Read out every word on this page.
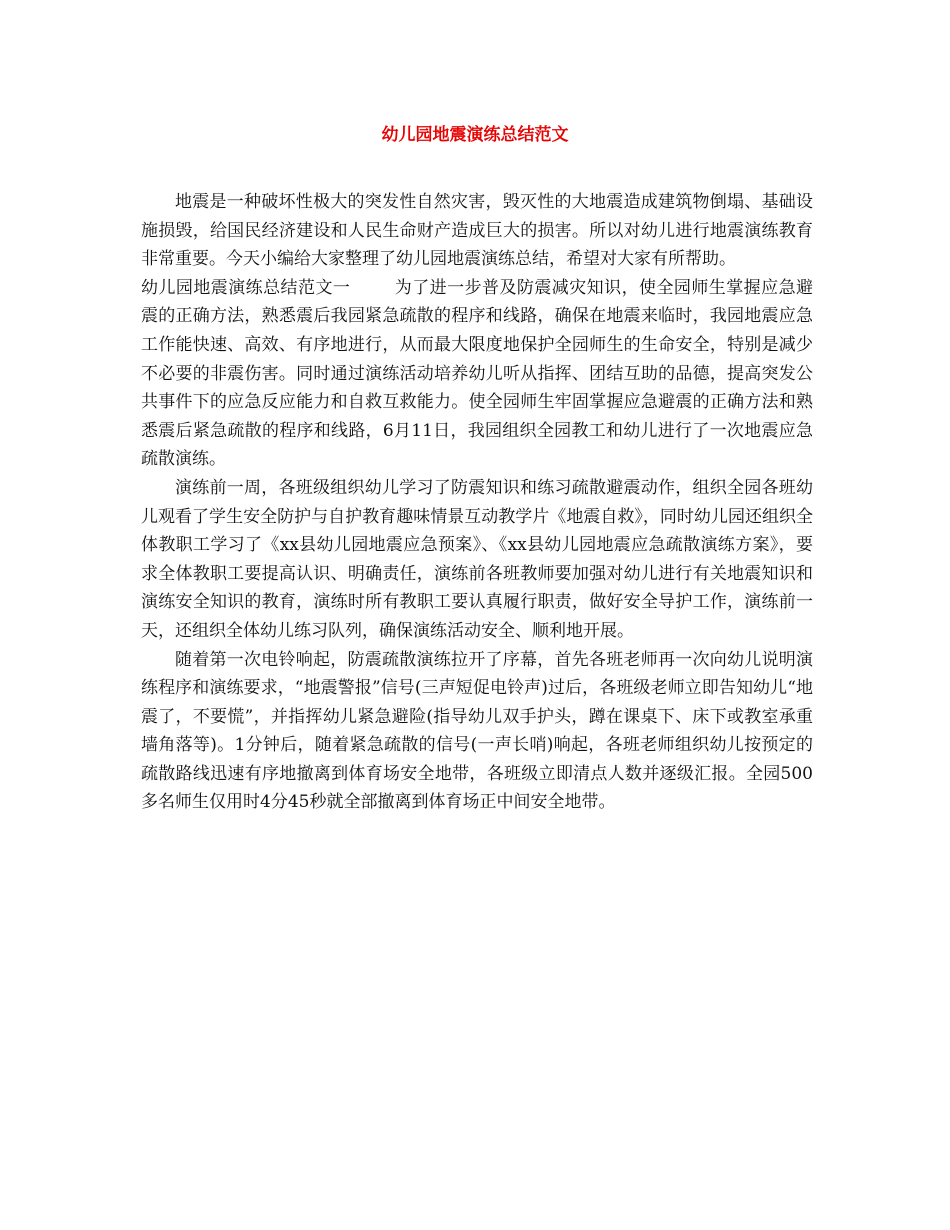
幼儿园地震演练总结范文

地震是一种破坏性极大的突发性自然灾害，毁灭性的大地震造成建筑物倒塌、基础设施损毁，给国民经济建设和人民生命财产造成巨大的损害。所以对幼儿进行地震演练教育非常重要。今天小编给大家整理了幼儿园地震演练总结，希望对大家有所帮助。

幼儿园地震演练总结范文一	为了进一步普及防震减灾知识，使全园师生掌握应急避震的正确方法，熟悉震后我园紧急疏散的程序和线路，确保在地震来临时，我园地震应急工作能快速、高效、有序地进行，从而最大限度地保护全园师生的生命安全，特别是减少不必要的非震伤害。同时通过演练活动培养幼儿听从指挥、团结互助的品德，提高突发公共事件下的应急反应能力和自救互救能力。使全园师生牢固掌握应急避震的正确方法和熟悉震后紧急疏散的程序和线路，6月11日，我园组织全园教工和幼儿进行了一次地震应急疏散演练。

演练前一周，各班级组织幼儿学习了防震知识和练习疏散避震动作，组织全园各班幼儿观看了学生安全防护与自护教育趣味情景互动教学片《地震自救》，同时幼儿园还组织全体教职工学习了《xx县幼儿园地震应急预案》、《xx县幼儿园地震应急疏散演练方案》，要求全体教职工要提高认识、明确责任，演练前各班教师要加强对幼儿进行有关地震知识和演练安全知识的教育，演练时所有教职工要认真履行职责，做好安全导护工作，演练前一天，还组织全体幼儿练习队列，确保演练活动安全、顺利地开展。

随着第一次电铃响起，防震疏散演练拉开了序幕，首先各班老师再一次向幼儿说明演练程序和演练要求，“地震警报”信号(三声短促电铃声)过后，各班级老师立即告知幼儿“地震了，不要慌”，并指挥幼儿紧急避险(指导幼儿双手护头，蹲在课桌下、床下或教室承重墙角落等)。1分钟后，随着紧急疏散的信号(一声长哨)响起，各班老师组织幼儿按预定的疏散路线迅速有序地撤离到体育场安全地带，各班级立即清点人数并逐级汇报。全园500多名师生仅用时4分45秒就全部撤离到体育场正中间安全地带。
